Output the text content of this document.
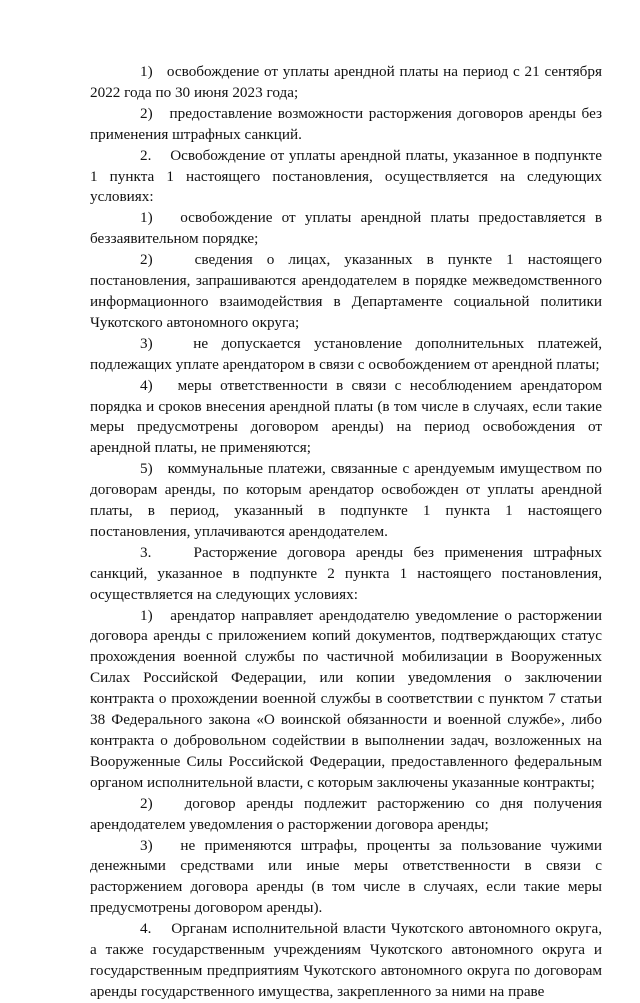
1)   освобождение от уплаты арендной платы на период с 21 сентября 2022 года по 30 июня 2023 года;

2)   предоставление возможности расторжения договоров аренды без применения штрафных санкций.

2.    Освобождение от уплаты арендной платы, указанное в подпункте 1 пункта 1 настоящего постановления, осуществляется на следующих условиях:

1)   освобождение от уплаты арендной платы предоставляется в беззаявительном порядке;

2)   сведения о лицах, указанных в пункте 1 настоящего постановления, запрашиваются арендодателем в порядке межведомственного информационного взаимодействия в Департаменте социальной политики Чукотского автономного округа;

3)   не допускается установление дополнительных платежей, подлежащих уплате арендатором в связи с освобождением от арендной платы;

4)   меры ответственности в связи с несоблюдением арендатором порядка и сроков внесения арендной платы (в том числе в случаях, если такие меры предусмотрены договором аренды) на период освобождения от арендной платы, не применяются;

5)   коммунальные платежи, связанные с арендуемым имуществом по договорам аренды, по которым арендатор освобожден от уплаты арендной платы, в период, указанный в подпункте 1 пункта 1 настоящего постановления, уплачиваются арендодателем.

3.    Расторжение договора аренды без применения штрафных санкций, указанное в подпункте 2 пункта 1 настоящего постановления, осуществляется на следующих условиях:

1)   арендатор направляет арендодателю уведомление о расторжении договора аренды с приложением копий документов, подтверждающих статус прохождения военной службы по частичной мобилизации в Вооруженных Силах Российской Федерации, или копии уведомления о заключении контракта о прохождении военной службы в соответствии с пунктом 7 статьи 38 Федерального закона «О воинской обязанности и военной службе», либо контракта о добровольном содействии в выполнении задач, возложенных на Вооруженные Силы Российской Федерации, предоставленного федеральным органом исполнительной власти, с которым заключены указанные контракты;

2)   договор аренды подлежит расторжению со дня получения арендодателем уведомления о расторжении договора аренды;

3)   не применяются штрафы, проценты за пользование чужими денежными средствами или иные меры ответственности в связи с расторжением договора аренды (в том числе в случаях, если такие меры предусмотрены договором аренды).

4.    Органам исполнительной власти Чукотского автономного округа, а также государственным учреждениям Чукотского автономного округа и государственным предприятиям Чукотского автономного округа по договорам аренды государственного имущества, закрепленного за ними на праве
